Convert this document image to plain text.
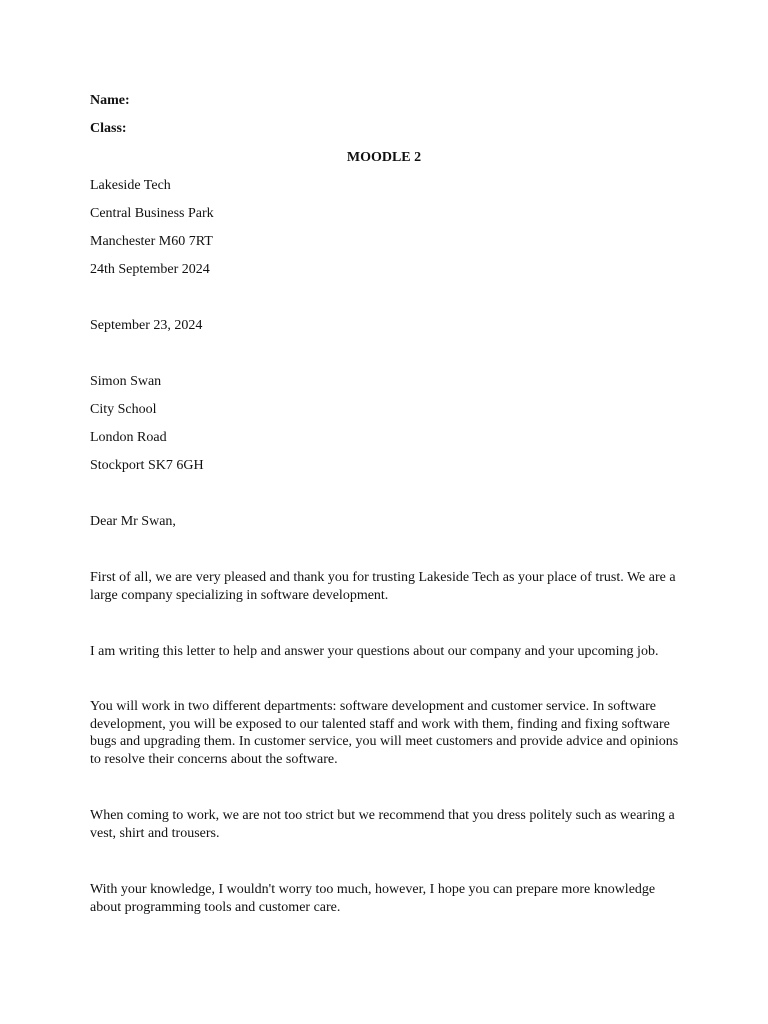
Name:
Class:
MOODLE 2
Lakeside Tech
Central Business Park
Manchester M60 7RT
24th September 2024
September 23, 2024
Simon Swan
City School
London Road
Stockport SK7 6GH
Dear Mr Swan,
First of all, we are very pleased and thank you for trusting Lakeside Tech as your place of trust. We are a large company specializing in software development.
I am writing this letter to help and answer your questions about our company and your upcoming job.
You will work in two different departments: software development and customer service. In software development, you will be exposed to our talented staff and work with them, finding and fixing software bugs and upgrading them. In customer service, you will meet customers and provide advice and opinions to resolve their concerns about the software.
When coming to work, we are not too strict but we recommend that you dress politely such as wearing a vest, shirt and trousers.
With your knowledge, I wouldn't worry too much, however, I hope you can prepare more knowledge about programming tools and customer care.
